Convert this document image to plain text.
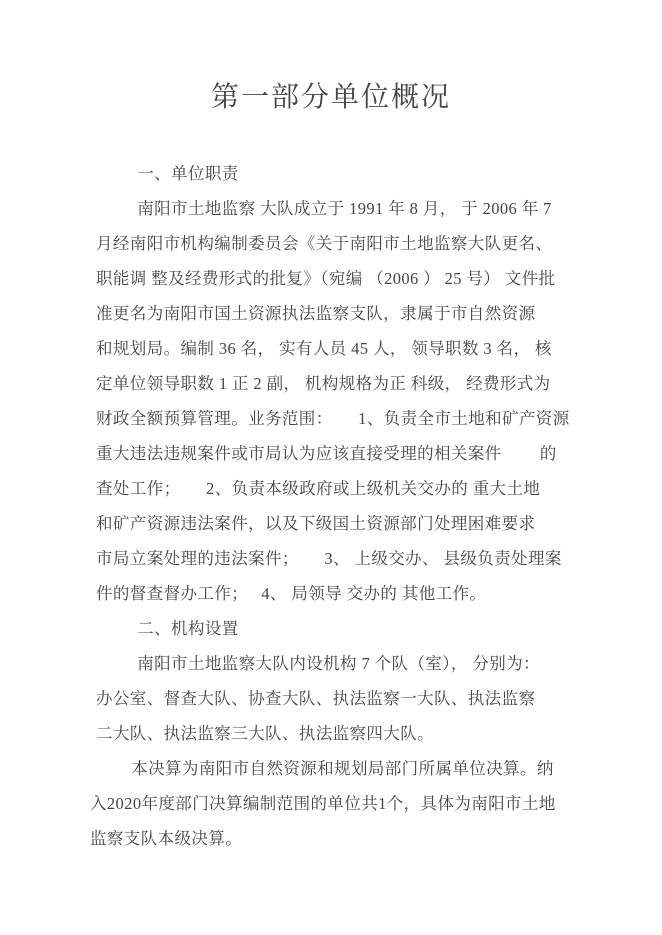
第一部分单位概况
一、单位职责
南阳市土地监察 大队成立于 1991 年 8 月， 于 2006 年 7
月经南阳市机构编制委员会《关于南阳市土地监察大队更名、
职能调 整及经费形式的批复》（宛编 （2006 ） 25 号） 文件批
准更名为南阳市国土资源执法监察支队，隶属于市自然资源
和规划局。编制 36 名， 实有人员 45 人， 领导职数 3 名， 核
定单位领导职数 1 正 2 副， 机构规格为正 科级， 经费形式为
财政全额预算管理。业务范围：　　1、负责全市土地和矿产资源
重大违法违规案件或市局认为应该直接受理的相关案件　　 的
查处工作；　　2、负责本级政府或上级机关交办的 重大土地
和矿产资源违法案件，以及下级国土资源部门处理困难要求
市局立案处理的违法案件；　　3、 上级交办、 县级负责处理案
件的督查督办工作；　 4、 局领导 交办的 其他工作。
二、机构设置
南阳市土地监察大队内设机构 7 个队（室）， 分别为：
办公室、督查大队、协查大队、执法监察一大队、执法监察
二大队、执法监察三大队、执法监察四大队。
本决算为南阳市自然资源和规划局部门所属单位决算。纳
入2020年度部门决算编制范围的单位共1个，具体为南阳市土地
监察支队本级决算。
